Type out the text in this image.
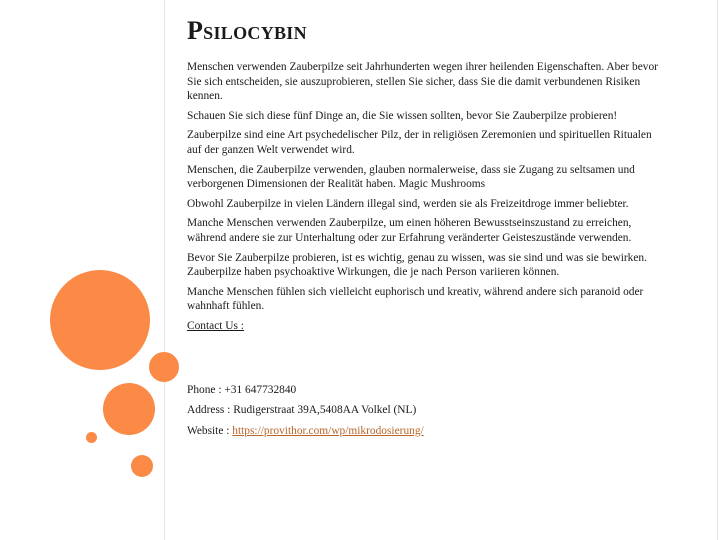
Psilocybin

Menschen verwenden Zauberpilze seit Jahrhunderten wegen ihrer heilenden Eigenschaften. Aber bevor Sie sich entscheiden, sie auszuprobieren, stellen Sie sicher, dass Sie die damit verbundenen Risiken kennen.

Schauen Sie sich diese fünf Dinge an, die Sie wissen sollten, bevor Sie Zauberpilze probieren!

Zauberpilze sind eine Art psychedelischer Pilz, der in religiösen Zeremonien und spirituellen Ritualen auf der ganzen Welt verwendet wird.

Menschen, die Zauberpilze verwenden, glauben normalerweise, dass sie Zugang zu seltsamen und verborgenen Dimensionen der Realität haben. Magic Mushrooms

Obwohl Zauberpilze in vielen Ländern illegal sind, werden sie als Freizeitdroge immer beliebter.

Manche Menschen verwenden Zauberpilze, um einen höheren Bewusstseinszustand zu erreichen, während andere sie zur Unterhaltung oder zur Erfahrung veränderter Geisteszustände verwenden.

Bevor Sie Zauberpilze probieren, ist es wichtig, genau zu wissen, was sie sind und was sie bewirken. Zauberpilze haben psychoaktive Wirkungen, die je nach Person variieren können.

Manche Menschen fühlen sich vielleicht euphorisch und kreativ, während andere sich paranoid oder wahnhaft fühlen.

Contact Us :

Phone : +31 647732840

Address : Rudigerstraat 39A,5408AA Volkel (NL)

Website : https://provithor.com/wp/mikrodosierung/
